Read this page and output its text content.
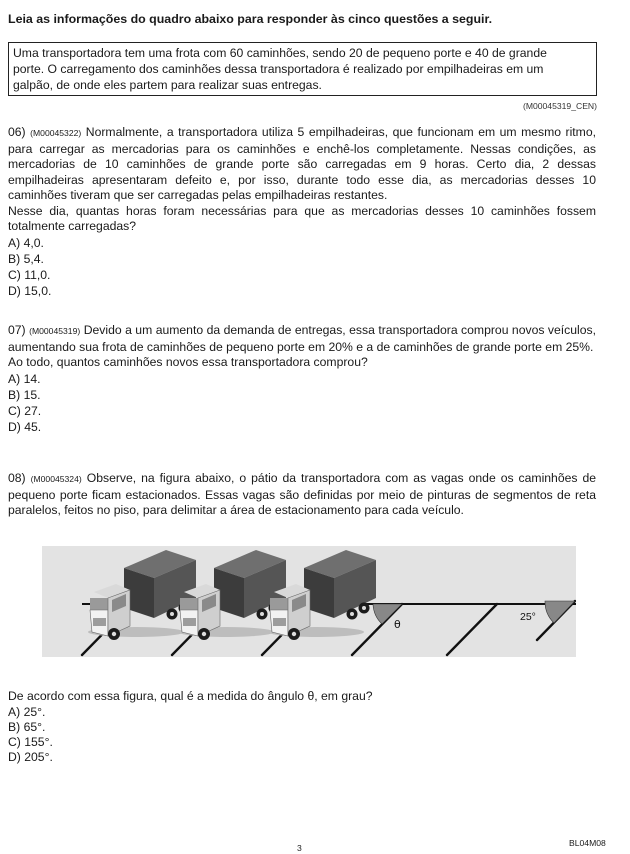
Leia as informações do quadro abaixo para responder às cinco questões a seguir.
Uma transportadora tem uma frota com 60 caminhões, sendo 20 de pequeno porte e 40 de grande
porte. O carregamento dos caminhões dessa transportadora é realizado por empilhadeiras em um
galpão, de onde eles partem para realizar suas entregas.
(M00045319_CEN)

06) (M00045322) Normalmente, a transportadora utiliza 5 empilhadeiras, que funcionam em um mesmo ritmo, para carregar as mercadorias para os caminhões e enchê-los completamente. Nessas condições, as mercadorias de 10 caminhões de grande porte são carregadas em 9 horas. Certo dia, 2 dessas empilhadeiras apresentaram defeito e, por isso, durante todo esse dia, as mercadorias desses 10 caminhões tiveram que ser carregadas pelas empilhadeiras restantes.

Nesse dia, quantas horas foram necessárias para que as mercadorias desses 10 caminhões fossem totalmente carregadas?

A) 4,0.
B) 5,4.
C) 11,0.
D) 15,0.

07) (M00045319) Devido a um aumento da demanda de entregas, essa transportadora comprou novos veículos, aumentando sua frota de caminhões de pequeno porte em 20% e a de caminhões de grande porte em 25%.

Ao todo, quantos caminhões novos essa transportadora comprou?

A) 14.
B) 15.
C) 27.
D) 45.

08) (M00045324) Observe, na figura abaixo, o pátio da transportadora com as vagas onde os caminhões de pequeno porte ficam estacionados. Essas vagas são definidas por meio de pinturas de segmentos de reta paralelos, feitos no piso, para delimitar a área de estacionamento para cada veículo.

θ
25°

De acordo com essa figura, qual é a medida do ângulo θ, em grau?

A) 25°.
B) 65°.
C) 155°.
D) 205°.
3	BL04M08
